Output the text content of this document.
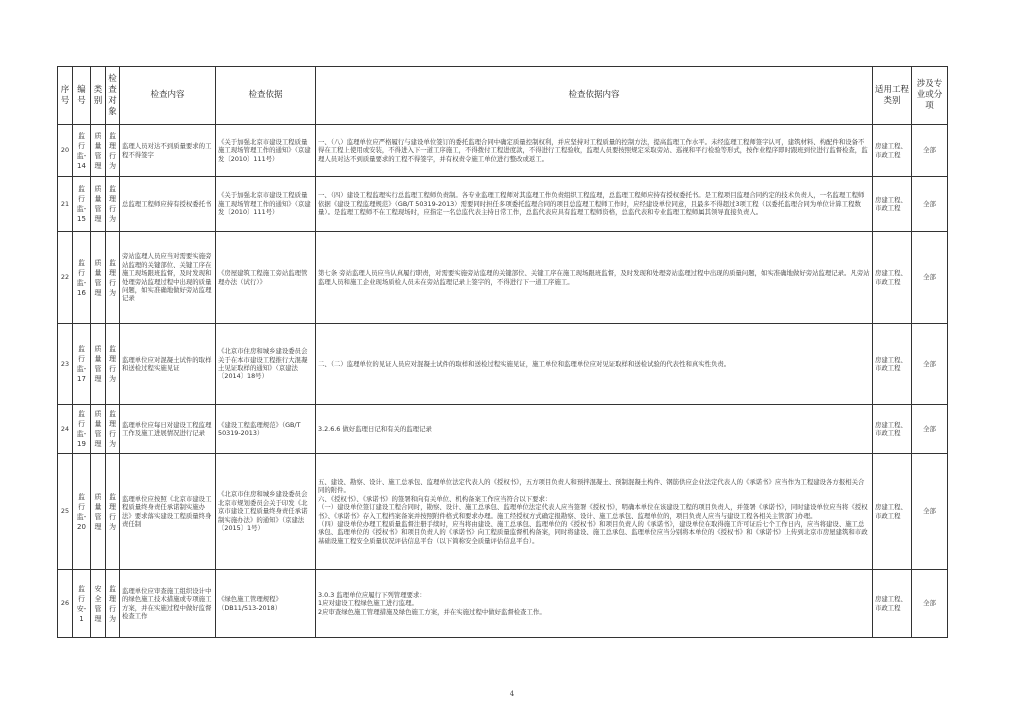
序号	编号	类别	检查对象	检查内容	检查依据	检查依据内容	适用工程类别	涉及专业或分项
20	监行监-14	质量管理	监理行为	监理人员对达不到质量要求的工程不得签字	《关于加强北京市建设工程质量施工现场管理工作的通知》（京建发〔2010〕111号）	一、（八）监理单位应严格履行与建设单位签订的委托监理合同中确定质量控制权利，并应坚持对工程质量的控制方法，提高监理工作水平。未经监理工程师签字认可，建筑材料、构配件和设备不得在工程上使用或安装，不得进入下一道工序施工，不得拨付工程进度款，不得进行工程验收，监理人员要按照规定采取旁站、巡视和平行检验等形式，按作业程序即时跟班到位进行监督检查，监理人员对达不到质量要求的工程不得签字，并有权责令施工单位进行整改或返工。	房建工程、市政工程	全部
21	监行监-15	质量管理	监理行为	总监理工程师应持有授权委托书	《关于加强北京市建设工程质量施工现场管理工作的通知》（京建发〔2010〕111号）	一、（四）建设工程监理实行总监理工程师负责制。各专业监理工程师对其监理工作负责组织工程监理，总监理工程师应持有授权委托书。是工程项目监理合同约定的技术负责人，一名监理工程师依据《建设工程监理规范》（GB/T 50319-2013）需要同时担任多项委托监理合同的项目总监理工程师工作时，应经建设单位同意，且最多不得超过3项工程（以委托监理合同为单位计算工程数量）。是监理工程师不在工程现场时，应指定一名总监代表主持日常工作，总监代表应具有监理工程师资格，总监代表和专业监理工程师属其领导直接负责人。	房建工程、市政工程	全部
22	监行监-16	质量管理	监理行为	旁站监理人员应当对需要实施旁站监理的关键部位、关键工序在施工现场跟班监督，及时发现和处理旁站监理过程中出现的质量问题，如实准确地做好旁站监理记录	《房屋建筑工程施工旁站监理管理办法（试行）》	第七条 旁站监理人员应当认真履行职责，对需要实施旁站监理的关键部位、关键工序在施工现场跟班监督，及时发现和处理旁站监理过程中出现的质量问题，如实准确地做好旁站监理记录。凡旁站监理人员和施工企业现场质检人员未在旁站监理记录上签字的，不得进行下一道工序施工。	房建工程、市政工程	全部
23	监行监-17	质量管理	监理行为	监理单位应对混凝土试件的取样和送检过程实施见证	《北京市住房和城乡建设委员会关于在本市建设工程推行大混凝土见证取样的通知》（京建法〔2014〕18号）	二、（二）监理单位的见证人员应对混凝土试件的取样和送检过程实施见证，施工单位和监理单位应对见证取样和送检试验的代表性和真实性负责。	房建工程、市政工程	全部
24	监行监-19	质量管理	监理行为	监理单位应每日对建设工程监理工作及施工进展情况进行记录	《建设工程监理规范》（GB/T 50319-2013）	3.2.6.6 做好监理日记和有关的监理记录	房建工程、市政工程	全部
25	监行监-20	质量管理	监理行为	监理单位应按照《北京市建设工程质量终身责任承诺制实施办法》要求落实建设工程质量终身责任制	《北京市住房和城乡建设委员会北京市规划委员会关于印发《北京市建设工程质量终身责任承诺制实施办法》的通知》（京建法〔2015〕1号）	五、建设、勘察、设计、施工总承包、监理单位法定代表人的《授权书》，五方项目负责人和预拌混凝土、预制混凝土构件、钢筋供应企业法定代表人的《承诺书》应当作为工程建设各方报相关合同的附件。
六、《授权书》、《承诺书》的签署和向有关单位、机构备案工作应当符合以下要求：
（一）建设单位签订建设工程合同时，勘察、设计、施工总承包、监理单位法定代表人应当签署《授权书》，明确本单位在该建设工程的项目负责人，并签署《承诺书》，同时建设单位应当将《授权书》、《承诺书》存入工程档案备案并按照附件格式和要求办理。施工经授权方式确定报勘察、设计、施工总承包、监理单位的，项目负责人应当与建设工程各相关主管部门办理。
（四）建设单位办理工程质量监督注册手续时，应当将由建设、施工总承包、监理单位的《授权书》和项目负责人的《承诺书》，建设单位在取得施工许可证后七个工作日内，应当将建设、施工总承包、监理单位的《授权书》和项目负责人的《承诺书》向工程质量监督机构备案，同时将建设、施工总承包、监理单位应当分别将本单位的《授权书》和《承诺书》上传到北京市房屋建筑和市政基础设施工程安全质量状况评估信息平台（以下简称安全质量评估信息平台）。	房建工程、市政工程	全部
26	监行安-1	安全管理	监理行为	监理单位应审查施工组织设计中的绿色施工技术措施或专项施工方案，并在实施过程中做好监督检查工作	《绿色施工管理规程》（DB11/513-2018）	3.0.3 监理单位应履行下列管理要求：
1应对建设工程绿色施工进行监理。
2应审查绿色施工管理措施及绿色施工方案，并在实施过程中做好监督检查工作。	房建工程、市政工程	全部
4
